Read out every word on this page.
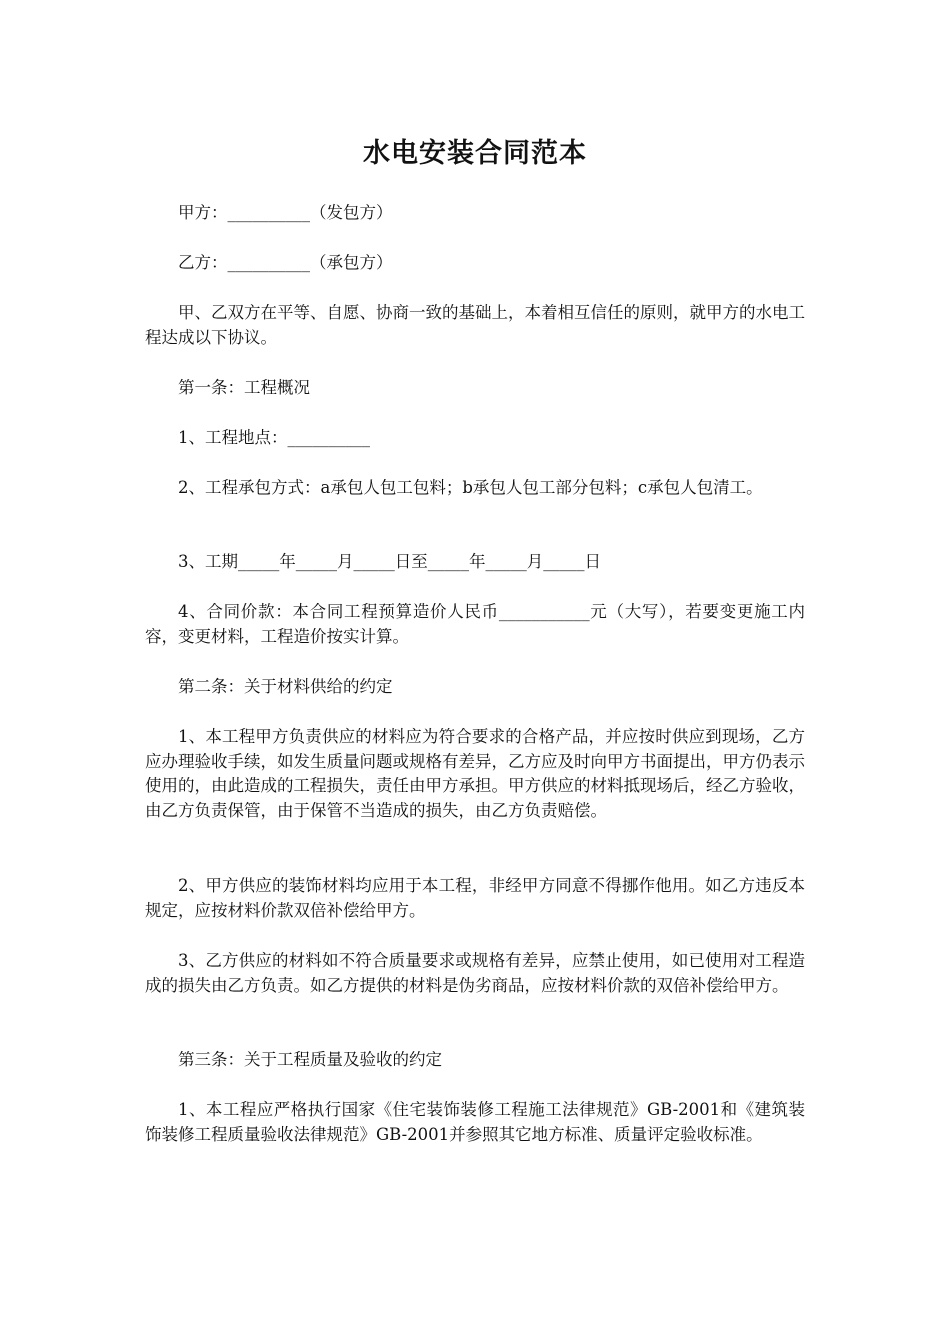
水电安装合同范本

甲方：__________（发包方）

乙方：__________（承包方）

甲、乙双方在平等、自愿、协商一致的基础上，本着相互信任的原则，就甲方的水电工程达成以下协议。

第一条：工程概况

1、工程地点：__________

2、工程承包方式：a承包人包工包料；b承包人包工部分包料；c承包人包清工。

3、工期_____年_____月_____日至_____年_____月_____日

4、合同价款：本合同工程预算造价人民币___________元（大写），若要变更施工内容，变更材料，工程造价按实计算。

第二条：关于材料供给的约定

1、本工程甲方负责供应的材料应为符合要求的合格产品，并应按时供应到现场，乙方应办理验收手续，如发生质量问题或规格有差异，乙方应及时向甲方书面提出，甲方仍表示使用的，由此造成的工程损失，责任由甲方承担。甲方供应的材料抵现场后，经乙方验收，由乙方负责保管，由于保管不当造成的损失，由乙方负责赔偿。

2、甲方供应的装饰材料均应用于本工程，非经甲方同意不得挪作他用。如乙方违反本规定，应按材料价款双倍补偿给甲方。

3、乙方供应的材料如不符合质量要求或规格有差异，应禁止使用，如已使用对工程造成的损失由乙方负责。如乙方提供的材料是伪劣商品，应按材料价款的双倍补偿给甲方。

第三条：关于工程质量及验收的约定

1、本工程应严格执行国家《住宅装饰装修工程施工法律规范》GB-2001和《建筑装饰装修工程质量验收法律规范》GB-2001并参照其它地方标准、质量评定验收标准。
